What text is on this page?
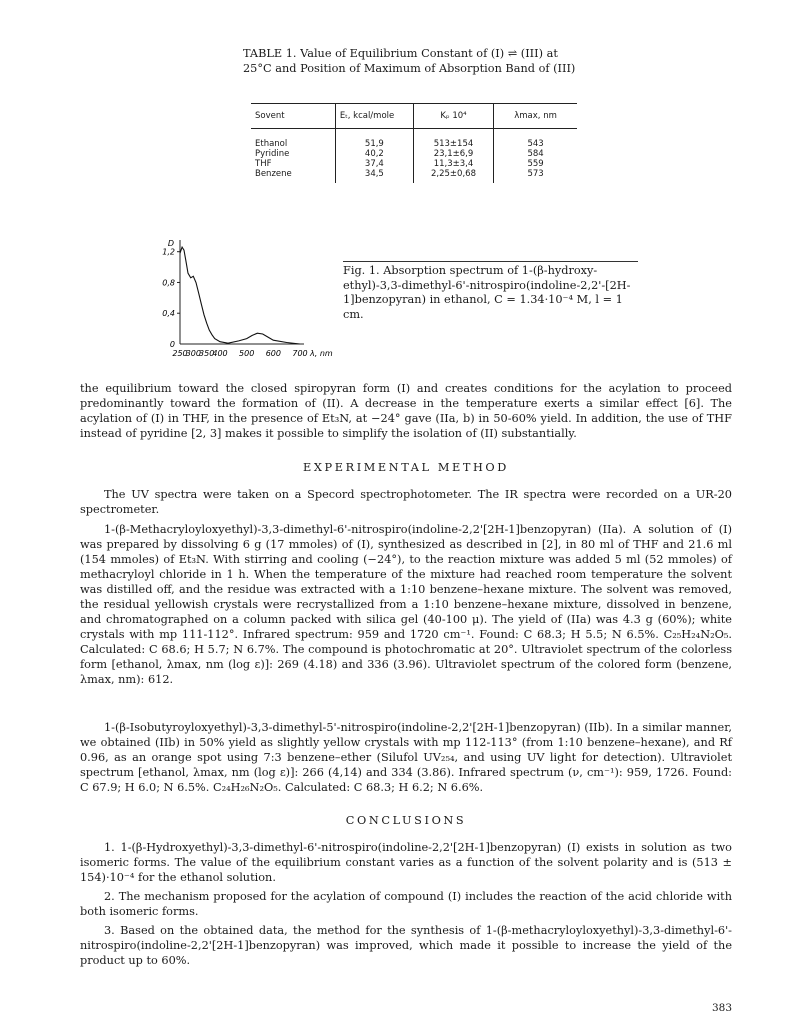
TABLE 1. Value of Equilibrium Constant of (I) ⇌ (III) at 25°C and Position of Maximum of Absorption Band of (III)
Sovent	Eₜ, kcal/mole	Kₚ 10⁴	λmax, nm
Ethanol	51,9	513±154	543
Pyridine	40,2	23,1±6,9	584
THF	37,4	11,3±3,4	559
Benzene	34,5	2,25±0,68	573
1,2
0,8
0,4
0
D
250
300
350
400 500 600 700 λ, nm
Fig. 1. Absorption spectrum of 1-(β-hydroxy-ethyl)-3,3-dimethyl-6'-nitrospiro(indoline-2,2'-[2H-1]benzopyran) in ethanol, C = 1.34·10⁻⁴ M, l = 1 cm.

the equilibrium toward the closed spiropyran form (I) and creates conditions for the acylation to proceed predominantly toward the formation of (II). A decrease in the temperature exerts a similar effect [6]. The acylation of (I) in THF, in the presence of Et₃N, at −24° gave (IIa, b) in 50-60% yield. In addition, the use of THF instead of pyridine [2, 3] makes it possible to simplify the isolation of (II) substantially.

EXPERIMENTAL METHOD

The UV spectra were taken on a Specord spectrophotometer. The IR spectra were recorded on a UR-20 spectrometer.

1-(β-Methacryloyloxyethyl)-3,3-dimethyl-6'-nitrospiro(indoline-2,2'[2H-1]benzopyran) (IIa). A solution of (I) was prepared by dissolving 6 g (17 mmoles) of (I), synthesized as described in [2], in 80 ml of THF and 21.6 ml (154 mmoles) of Et₃N. With stirring and cooling (−24°), to the reaction mixture was added 5 ml (52 mmoles) of methacryloyl chloride in 1 h. When the temperature of the mixture had reached room temperature the solvent was distilled off, and the residue was extracted with a 1:10 benzene–hexane mixture. The solvent was removed, the residual yellowish crystals were recrystallized from a 1:10 benzene–hexane mixture, dissolved in benzene, and chromatographed on a column packed with silica gel (40-100 μ). The yield of (IIa) was 4.3 g (60%); white crystals with mp 111-112°. Infrared spectrum: 959 and 1720 cm⁻¹. Found: C 68.3; H 5.5; N 6.5%. C₂₅H₂₄N₂O₅. Calculated: C 68.6; H 5.7; N 6.7%. The compound is photochromatic at 20°. Ultraviolet spectrum of the colorless form [ethanol, λmax, nm (log ε)]: 269 (4.18) and 336 (3.96). Ultraviolet spectrum of the colored form (benzene, λmax, nm): 612.

1-(β-Isobutyroyloxyethyl)-3,3-dimethyl-5'-nitrospiro(indoline-2,2'[2H-1]benzopyran) (IIb). In a similar manner, we obtained (IIb) in 50% yield as slightly yellow crystals with mp 112-113° (from 1:10 benzene–hexane), and Rf 0.96, as an orange spot using 7:3 benzene–ether (Silufol UV₂₅₄, and using UV light for detection). Ultraviolet spectrum [ethanol, λmax, nm (log ε)]: 266 (4,14) and 334 (3.86). Infrared spectrum (ν, cm⁻¹): 959, 1726. Found: C 67.9; H 6.0; N 6.5%. C₂₄H₂₆N₂O₅. Calculated: C 68.3; H 6.2; N 6.6%.

CONCLUSIONS

1. 1-(β-Hydroxyethyl)-3,3-dimethyl-6'-nitrospiro(indoline-2,2'[2H-1]benzopyran) (I) exists in solution as two isomeric forms. The value of the equilibrium constant varies as a function of the solvent polarity and is (513 ± 154)·10⁻⁴ for the ethanol solution.

2. The mechanism proposed for the acylation of compound (I) includes the reaction of the acid chloride with both isomeric forms.

3. Based on the obtained data, the method for the synthesis of 1-(β-methacryloyloxyethyl)-3,3-dimethyl-6'-nitrospiro(indoline-2,2'[2H-1]benzopyran) was improved, which made it possible to increase the yield of the product up to 60%.

383
